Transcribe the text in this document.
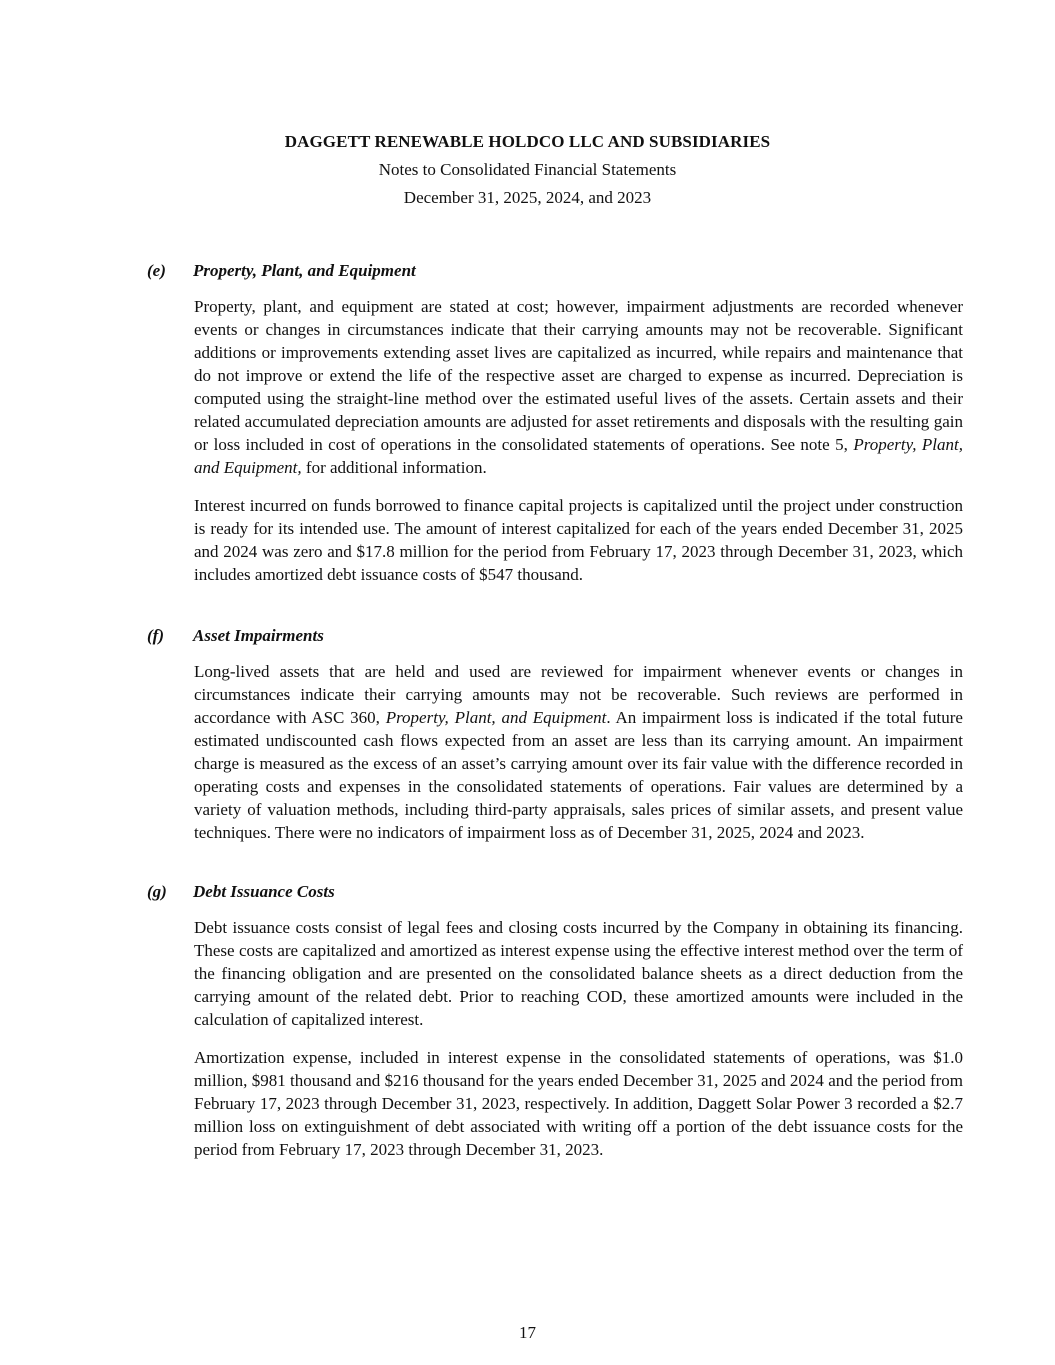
DAGGETT RENEWABLE HOLDCO LLC AND SUBSIDIARIES
Notes to Consolidated Financial Statements
December 31, 2025, 2024, and 2023
(e)	Property, Plant, and Equipment
Property, plant, and equipment are stated at cost; however, impairment adjustments are recorded whenever events or changes in circumstances indicate that their carrying amounts may not be recoverable. Significant additions or improvements extending asset lives are capitalized as incurred, while repairs and maintenance that do not improve or extend the life of the respective asset are charged to expense as incurred. Depreciation is computed using the straight-line method over the estimated useful lives of the assets. Certain assets and their related accumulated depreciation amounts are adjusted for asset retirements and disposals with the resulting gain or loss included in cost of operations in the consolidated statements of operations. See note 5, Property, Plant, and Equipment, for additional information.
Interest incurred on funds borrowed to finance capital projects is capitalized until the project under construction is ready for its intended use. The amount of interest capitalized for each of the years ended December 31, 2025 and 2024 was zero and $17.8 million for the period from February 17, 2023 through December 31, 2023, which includes amortized debt issuance costs of $547 thousand.
(f)	Asset Impairments
Long-lived assets that are held and used are reviewed for impairment whenever events or changes in circumstances indicate their carrying amounts may not be recoverable. Such reviews are performed in accordance with ASC 360, Property, Plant, and Equipment. An impairment loss is indicated if the total future estimated undiscounted cash flows expected from an asset are less than its carrying amount. An impairment charge is measured as the excess of an asset’s carrying amount over its fair value with the difference recorded in operating costs and expenses in the consolidated statements of operations. Fair values are determined by a variety of valuation methods, including third-party appraisals, sales prices of similar assets, and present value techniques. There were no indicators of impairment loss as of December 31, 2025, 2024 and 2023.
(g)	Debt Issuance Costs
Debt issuance costs consist of legal fees and closing costs incurred by the Company in obtaining its financing. These costs are capitalized and amortized as interest expense using the effective interest method over the term of the financing obligation and are presented on the consolidated balance sheets as a direct deduction from the carrying amount of the related debt. Prior to reaching COD, these amortized amounts were included in the calculation of capitalized interest.
Amortization expense, included in interest expense in the consolidated statements of operations, was $1.0 million, $981 thousand and $216 thousand for the years ended December 31, 2025 and 2024 and the period from February 17, 2023 through December 31, 2023, respectively. In addition, Daggett Solar Power 3 recorded a $2.7 million loss on extinguishment of debt associated with writing off a portion of the debt issuance costs for the period from February 17, 2023 through December 31, 2023.
17
